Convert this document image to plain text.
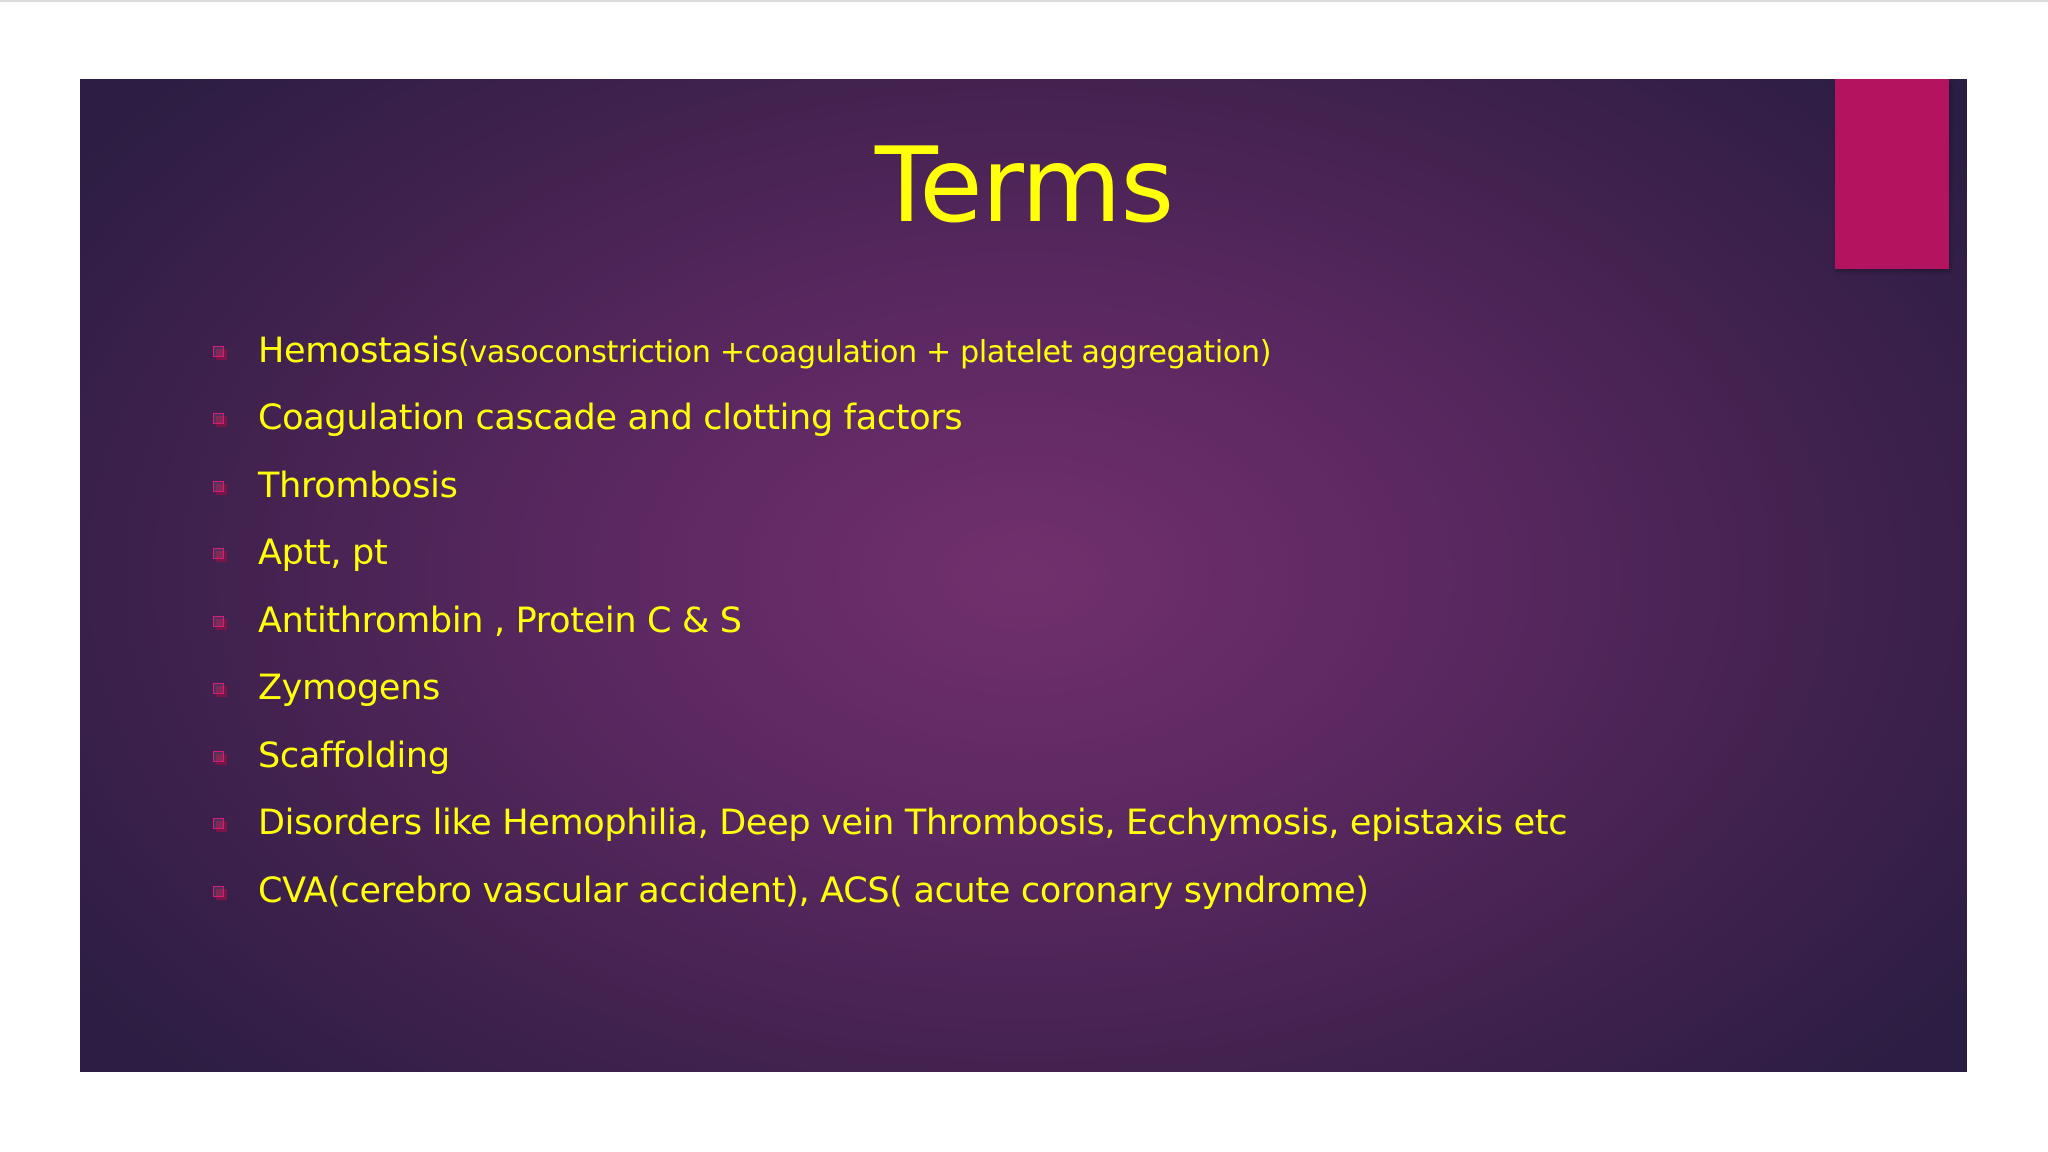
Terms
Hemostasis(vasoconstriction +coagulation + platelet aggregation)
Coagulation cascade and clotting factors
Thrombosis
Aptt, pt
Antithrombin , Protein C & S
Zymogens
Scaffolding
Disorders like Hemophilia, Deep vein Thrombosis, Ecchymosis, epistaxis etc
CVA(cerebro vascular accident), ACS( acute coronary syndrome)
